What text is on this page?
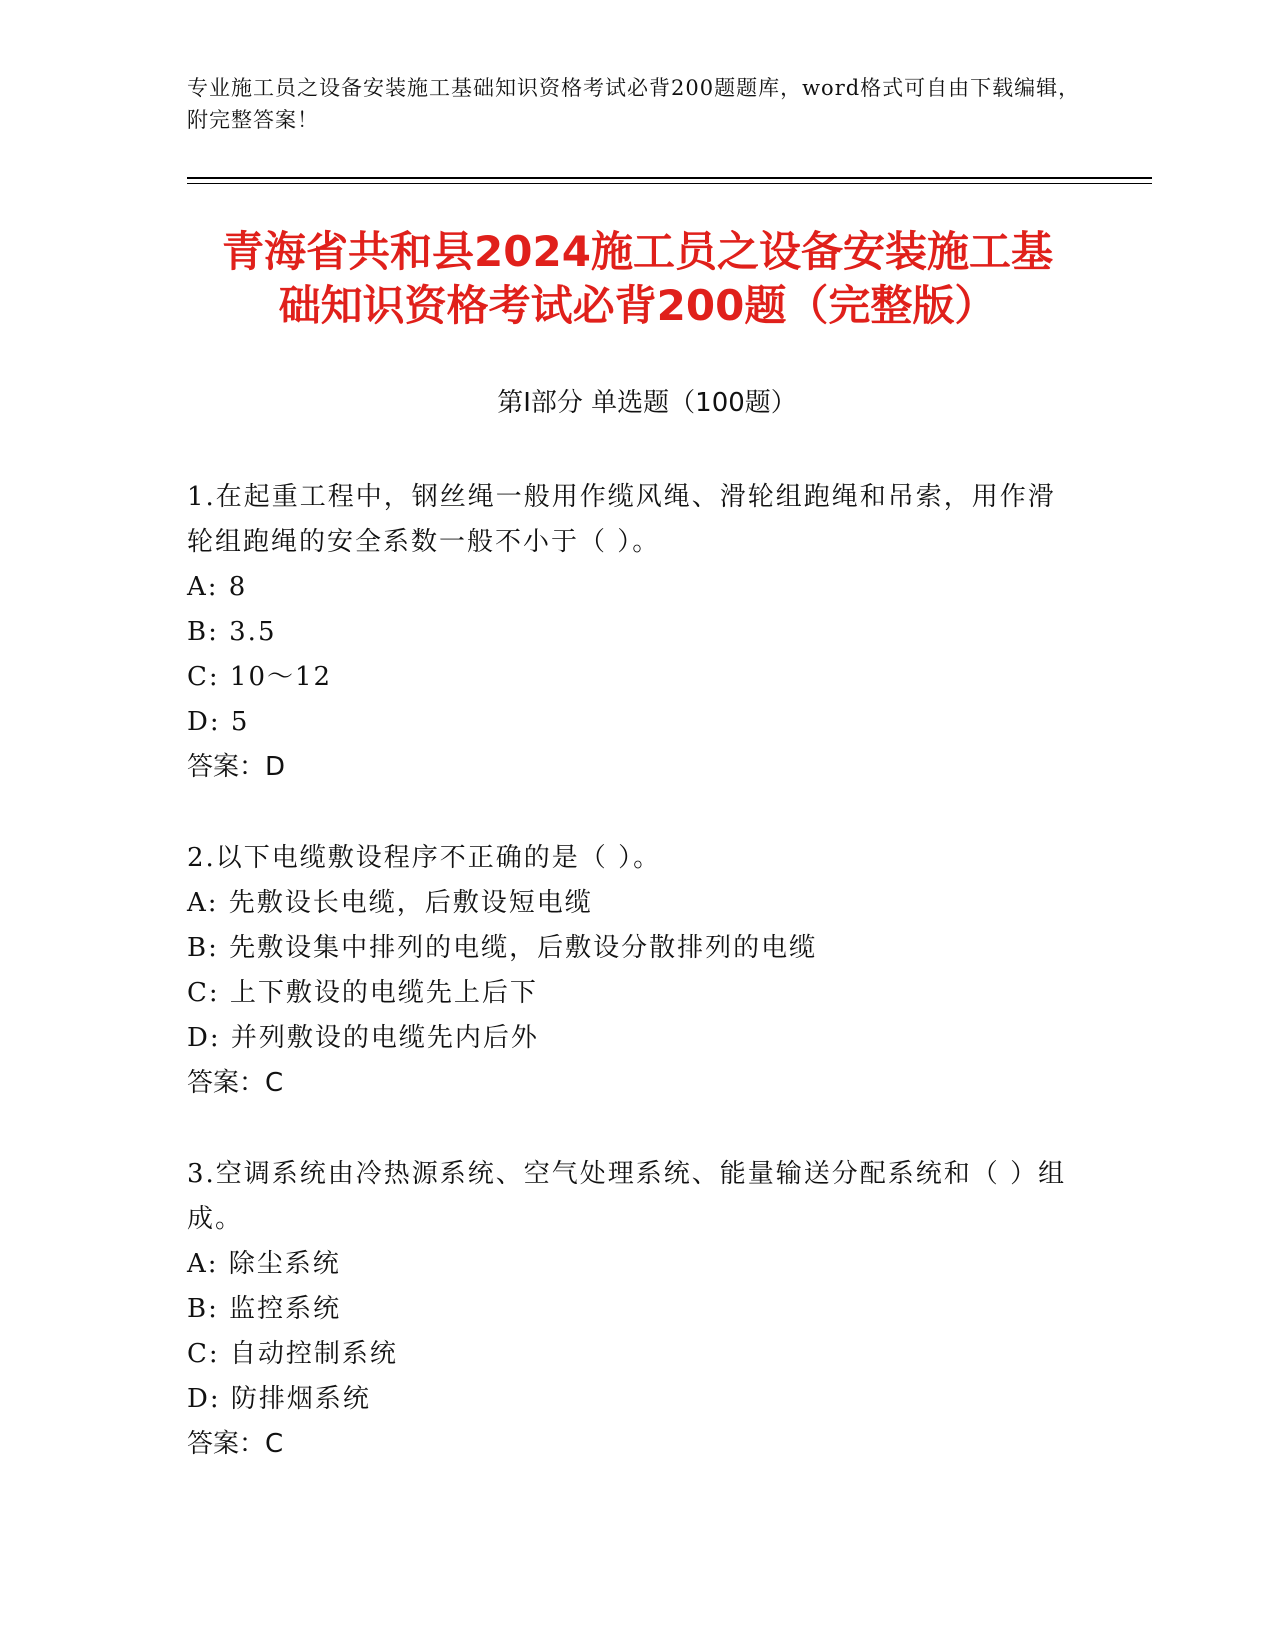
专业施工员之设备安装施工基础知识资格考试必背200题题库，word格式可自由下载编辑，附完整答案！

青海省共和县2024施工员之设备安装施工基
础知识资格考试必背200题（完整版）
第I部分 单选题（100题）

1.在起重工程中，钢丝绳一般用作缆风绳、滑轮组跑绳和吊索，用作滑轮组跑绳的安全系数一般不小于（ ）。

A: 8

B: 3.5

C: 10～12

D: 5

答案：D

2.以下电缆敷设程序不正确的是（ ）。

A: 先敷设长电缆，后敷设短电缆

B: 先敷设集中排列的电缆，后敷设分散排列的电缆

C: 上下敷设的电缆先上后下

D: 并列敷设的电缆先内后外

答案：C

3.空调系统由冷热源系统、空气处理系统、能量输送分配系统和（ ）组成。

A: 除尘系统

B: 监控系统

C: 自动控制系统

D: 防排烟系统

答案：C
